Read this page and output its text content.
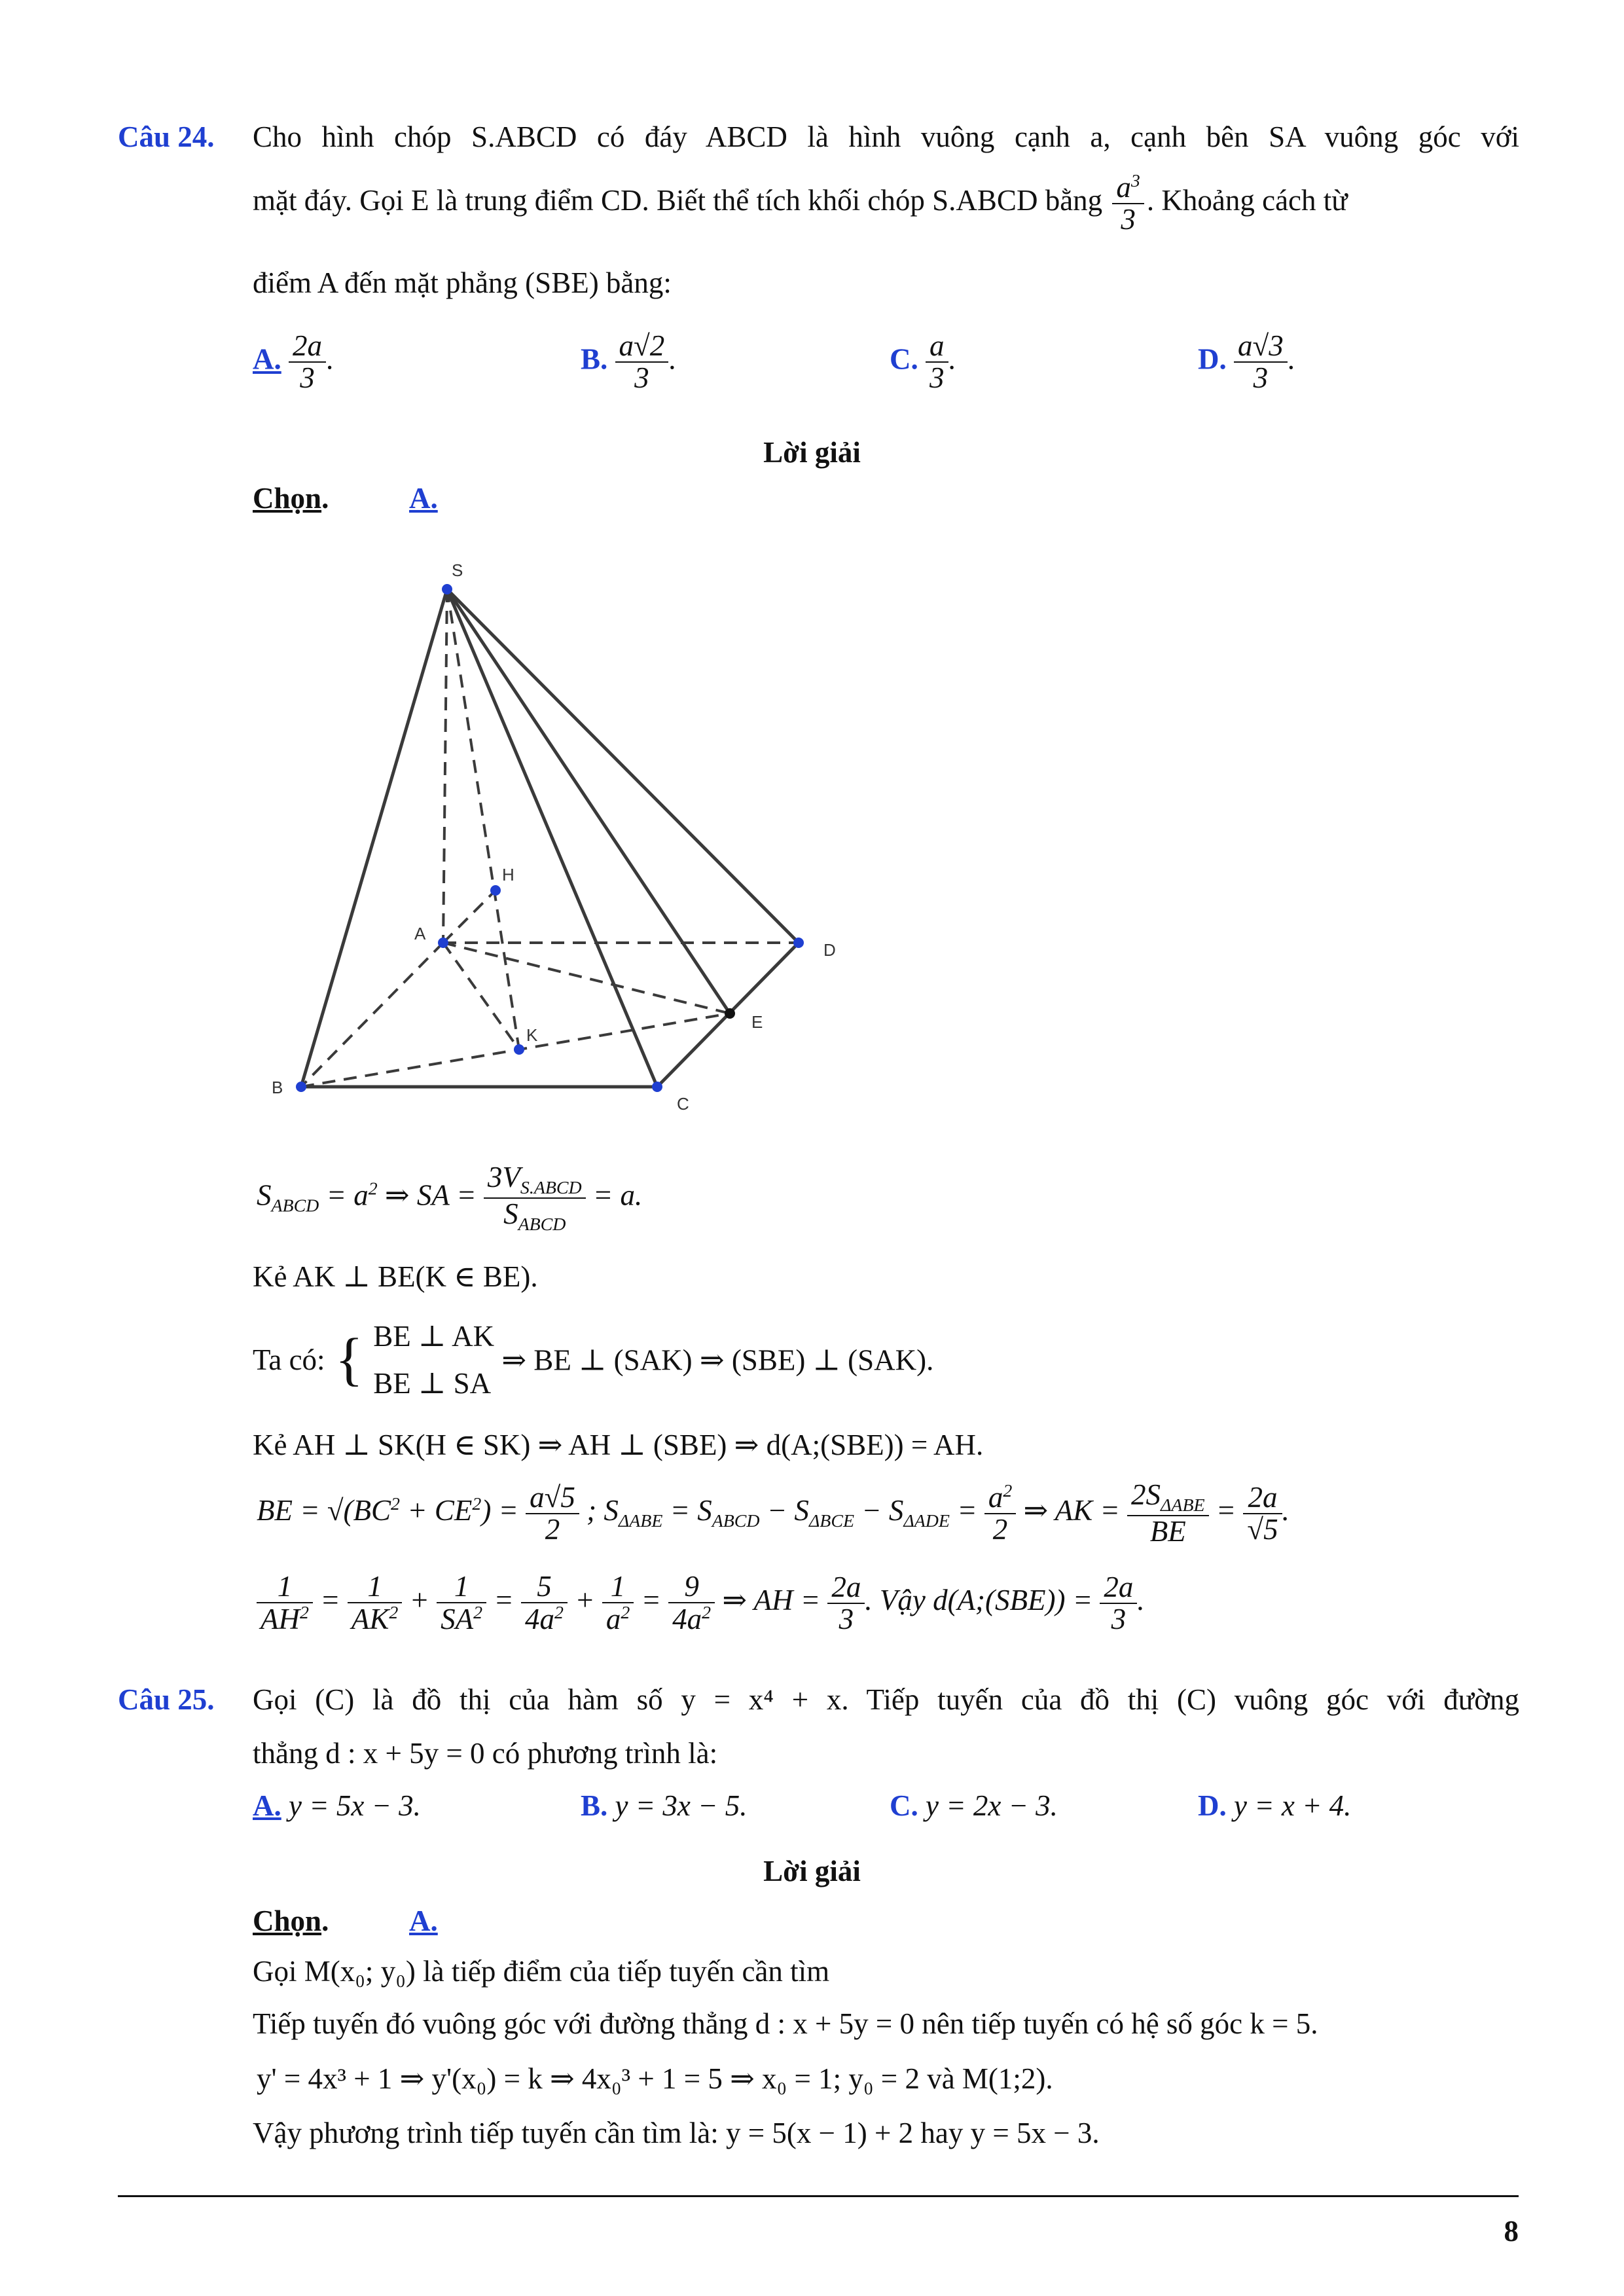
Câu 24. Cho hình chóp S.ABCD có đáy ABCD là hình vuông cạnh a, cạnh bên SA vuông góc với
mặt đáy. Gọi E là trung điểm CD. Biết thể tích khối chóp S.ABCD bằng $\frac{a^3}{3}$ . Khoảng cách từ
điểm A đến mặt phẳng (SBE) bằng:
A. $\frac{2a}{3}$ .	B. $\frac{a√2}{3}$ .	C. $\frac{a}{3}$ .	D. $\frac{a√3}{3}$ .
Lời giải
Chọn.	A.
S
H
A
D
E
K
B
C
$S_{ABCD} = a^2$ ⇒ SA = $\frac{3V_{S.ABCD}}{S_{ABCD}} = a$.
Kẻ AK ⊥ BE(K ∈ BE).
Ta có: { BE ⊥ AK
BE ⊥ SA
⇒ BE ⊥ (SAK) ⇒ (SBE) ⊥ (SAK).
Kẻ AH ⊥ SK(H ∈ SK) ⇒ AH ⊥ (SBE) ⇒ d(A;(SBE)) = AH.
BE = $√(BC^2 + CE^2) = \frac{a√5}{2}$ ; $S_{\Delta ABE} = S_{ABCD} - S_{\Delta BCE} - S_{\Delta ADE} = \frac{a^2}{2}$ ⇒ AK = $\frac{2S_{\Delta ABE}}{BE} = \frac{2a}{√5}$ .
$\frac{1}{AH^2} = \frac{1}{AK^2} + \frac{1}{SA^2} = \frac{5}{4a^2} + \frac{1}{a^2} = \frac{9}{4a^2}$ ⇒ AH = $\frac{2a}{3}$ . Vậy d(A;(SBE)) = $\frac{2a}{3}$ .
Câu 25. Gọi (C) là đồ thị của hàm số y = x⁴ + x. Tiếp tuyến của đồ thị (C) vuông góc với đường
thẳng d : x + 5y = 0 có phương trình là:
A. y = 5x − 3.	B. y = 3x − 5.	C. y = 2x − 3.	D. y = x + 4.
Lời giải
Chọn.	A.
Gọi M(x₀; y₀) là tiếp điểm của tiếp tuyến cần tìm
Tiếp tuyến đó vuông góc với đường thẳng d : x + 5y = 0 nên tiếp tuyến có hệ số góc k = 5.
y' = 4x³ + 1 ⇒ y'(x₀) = k ⇒ 4x₀³ + 1 = 5 ⇒ x₀ = 1; y₀ = 2 và M(1;2).
Vậy phương trình tiếp tuyến cần tìm là: y = 5(x − 1) + 2 hay y = 5x − 3.
8
